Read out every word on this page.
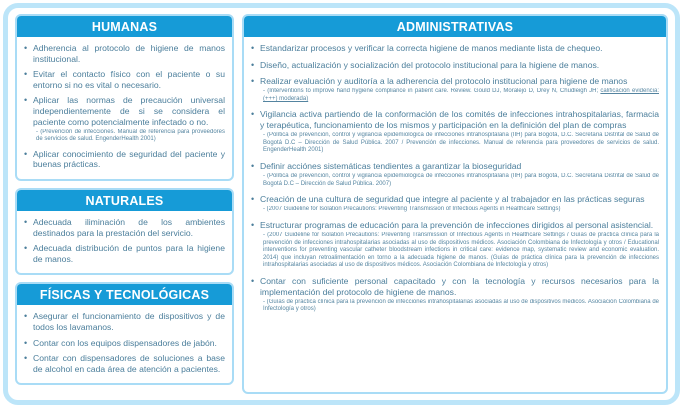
HUMANAS
• Adherencia al protocolo de higiene de manos institucional.
• Evitar el contacto físico con el paciente o su entorno si no es vital o necesario.
• Aplicar las normas de precaución universal independientemente de si se considera el paciente como potencialmente infectado o no.
- (Prevención de infecciones. Manual de referencia para proveedores de servicios de salud. EngenderHealth 2001)
• Aplicar conocimiento de seguridad del paciente y buenas prácticas.
NATURALES
• Adecuada iliminación de los ambientes destinados para la prestación del servicio.
• Adecuada distribución de puntos para la higiene de manos.
FÍSICAS Y TECNOLÓGICAS
• Asegurar el funcionamiento de dispositivos y de todos los lavamanos.
• Contar con los equipos dispensadores de jabón.
• Contar con dispensadores de soluciones a base de alcohol en cada área de atención a pacientes.
ADMINISTRATIVAS
• Estandarizar procesos y verificar la correcta higiene de manos mediante lista de chequeo.
• Diseño, actualización y socialización del protocolo institucional para la higiene de manos.
• Realizar evaluación y auditoría a la adherencia del protocolo institucional para higiene de manos
- (Interventions to improve hand hygiene compliance in patient care. Review. Gould DJ, Moralejo D, Drey N, Chudleigh JH; calificación evidencia: (+++) moderada)
• Vigilancia activa partiendo de la conformación de los comités de infecciones intrahospitalarias, farmacia y terapéutica, funcionamiento de los mismos y participación en la definición del plan de compras
- (Política de prevención, control y vigilancia epidemiológica de infecciones intrahospitalaria (IIH) para Bogotá, D.C. Secretaria Distrital de Salud de Bogotá D.C – Dirección de Salud Pública. 2007 / Prevención de infecciones. Manual de referencia para proveedores de servicios de salud. EngenderHealth 2001)
• Definir acciónes sistemáticas tendientes a garantizar la bioseguridad
- (Política de prevención, control y vigilancia epidemiológica de infecciones intrahospitalaria (IIH) para Bogotá, D.C. Secretaria Distrital de Salud de Bogotá D.C – Dirección de Salud Pública. 2007)
• Creación de una cultura de seguridad que integre al paciente y al trabajador en las prácticas seguras
- (2007 Guideline for Isolation Precautions: Preventing Transmission of Infectious Agents in Healthcare Settings)
• Estructurar programas de educación para la prevención de infecciones dirigidos al personal asistencial.
- (2007 Guideline for Isolation Precautions: Preventing Transmission of Infectious Agents in Healthcare Settings / Guías de práctica clínica para la prevención de infecciones intrahospitalarias asociadas al uso de dispositivos médicos. Asociación Colombiana de Infectología y otros / Educational interventions for preventing vascular catheter bloodstream infections in critical care: evidence map, systematic review and economic evaluation. 2014) que incluyan retroalimentación en torno a la adecuada higiene de manos. (Guías de práctica clínica para la prevención de infecciones intrahospitalarias asociadas al uso de dispositivos médicos. Asociación Colombiana de Infectología y otros)
• Contar con suficiente personal capacitado y con la tecnología y recursos necesarios para la implementación del protocolo de higiene de manos.
- (Guías de práctica clínica para la prevención de infecciones intrahospitalarias asociadas al uso de dispositivos médicos. Asociación Colombiana de Infectología y otros)
